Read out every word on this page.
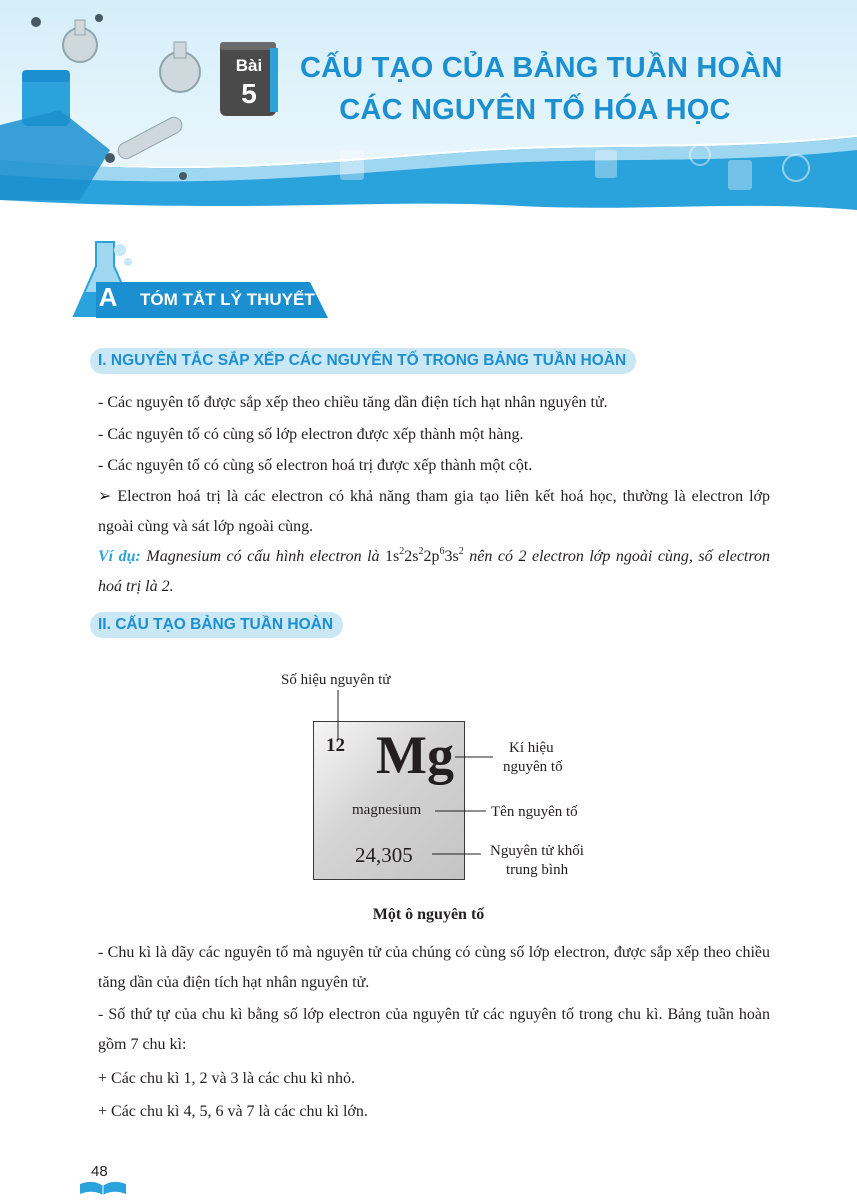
Bài
5
CẤU TẠO CỦA BẢNG TUẦN HOÀN
CÁC NGUYÊN TỐ HÓA HỌC
A	TÓM TẮT LÝ THUYẾT
I. NGUYÊN TẮC SẮP XẾP CÁC NGUYÊN TỐ TRONG BẢNG TUẦN HOÀN
- Các nguyên tố được sắp xếp theo chiều tăng dần điện tích hạt nhân nguyên tử.
- Các nguyên tố có cùng số lớp electron được xếp thành một hàng.
- Các nguyên tố có cùng số electron hoá trị được xếp thành một cột.
➢ Electron hoá trị là các electron có khả năng tham gia tạo liên kết hoá học, thường là electron lớp ngoài cùng và sát lớp ngoài cùng.
Ví dụ: Magnesium có cấu hình electron là $1s^22s^22p^63s^2$ nên có 2 electron lớp ngoài cùng, số electron hoá trị là 2.
II. CẤU TẠO BẢNG TUẦN HOÀN
Số hiệu nguyên tử
12 Mg
magnesium
24,305
Kí hiệu
nguyên tố
Tên nguyên tố
Nguyên tử khối
trung bình
Một ô nguyên tố
- Chu kì là dãy các nguyên tố mà nguyên tử của chúng có cùng số lớp electron, được sắp xếp theo chiều tăng dần của điện tích hạt nhân nguyên tử.
- Số thứ tự của chu kì bằng số lớp electron của nguyên tử các nguyên tố trong chu kì. Bảng tuần hoàn gồm 7 chu kì:
+ Các chu kì 1, 2 và 3 là các chu kì nhỏ.
+ Các chu kì 4, 5, 6 và 7 là các chu kì lớn.
48
